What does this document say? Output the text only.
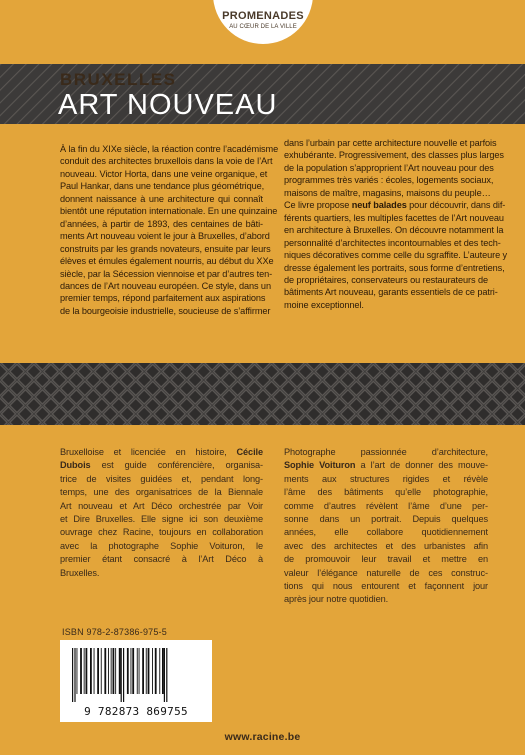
PROMENADES
AU CŒUR DE LA VILLE
BRUXELLES
ART NOUVEAU
À la fin du XIXe siècle, la réaction contre l’académisme
conduit des architectes bruxellois dans la voie de l’Art
nouveau. Victor Horta, dans une veine organique, et
Paul Hankar, dans une tendance plus géométrique,
donnent naissance à une architecture qui connaît
bientôt une réputation internationale. En une quinzaine
d’années, à partir de 1893, des centaines de bâti-
ments Art nouveau voient le jour à Bruxelles, d’abord
construits par les grands novateurs, ensuite par leurs
élèves et émules également nourris, au début du XXe
siècle, par la Sécession viennoise et par d’autres ten-
dances de l’Art nouveau européen. Ce style, dans un
premier temps, répond parfaitement aux aspirations
de la bourgeoisie industrielle, soucieuse de s’affirmer
dans l’urbain par cette architecture nouvelle et parfois
exhubérante. Progressivement, des classes plus larges
de la population s’approprient l’Art nouveau pour des
programmes très variés : écoles, logements sociaux,
maisons de maître, magasins, maisons du peuple…
Ce livre propose neuf balades pour découvrir, dans dif-
férents quartiers, les multiples facettes de l’Art nouveau
en architecture à Bruxelles. On découvre notamment la
personnalité d’architectes incontournables et des tech-
niques décoratives comme celle du sgraffite. L’auteure y
dresse également les portraits, sous forme d’entretiens,
de propriétaires, conservateurs ou restaurateurs de
bâtiments Art nouveau, garants essentiels de ce patri-
moine exceptionnel.
Bruxelloise et licenciée en histoire, Cécile
Dubois est guide conférencière, organisa-
trice de visites guidées et, pendant long-
temps, une des organisatrices de la Biennale
Art nouveau et Art Déco orchestrée par Voir
et Dire Bruxelles. Elle signe ici son deuxième
ouvrage chez Racine, toujours en collaboration
avec la photographe Sophie Voituron, le
premier étant consacré à l’Art Déco à
Bruxelles.
Photographe passionnée d’architecture,
Sophie Voituron a l’art de donner des mouve-
ments aux structures rigides et révèle
l’âme des bâtiments qu’elle photographie,
comme d’autres révèlent l’âme d’une per-
sonne dans un portrait. Depuis quelques
années, elle collabore quotidiennement
avec des architectes et des urbanistes afin
de promouvoir leur travail et mettre en
valeur l’élégance naturelle de ces construc-
tions qui nous entourent et façonnent jour
après jour notre quotidien.
ISBN 978-2-87386-975-5
9 782873 869755
www.racine.be
